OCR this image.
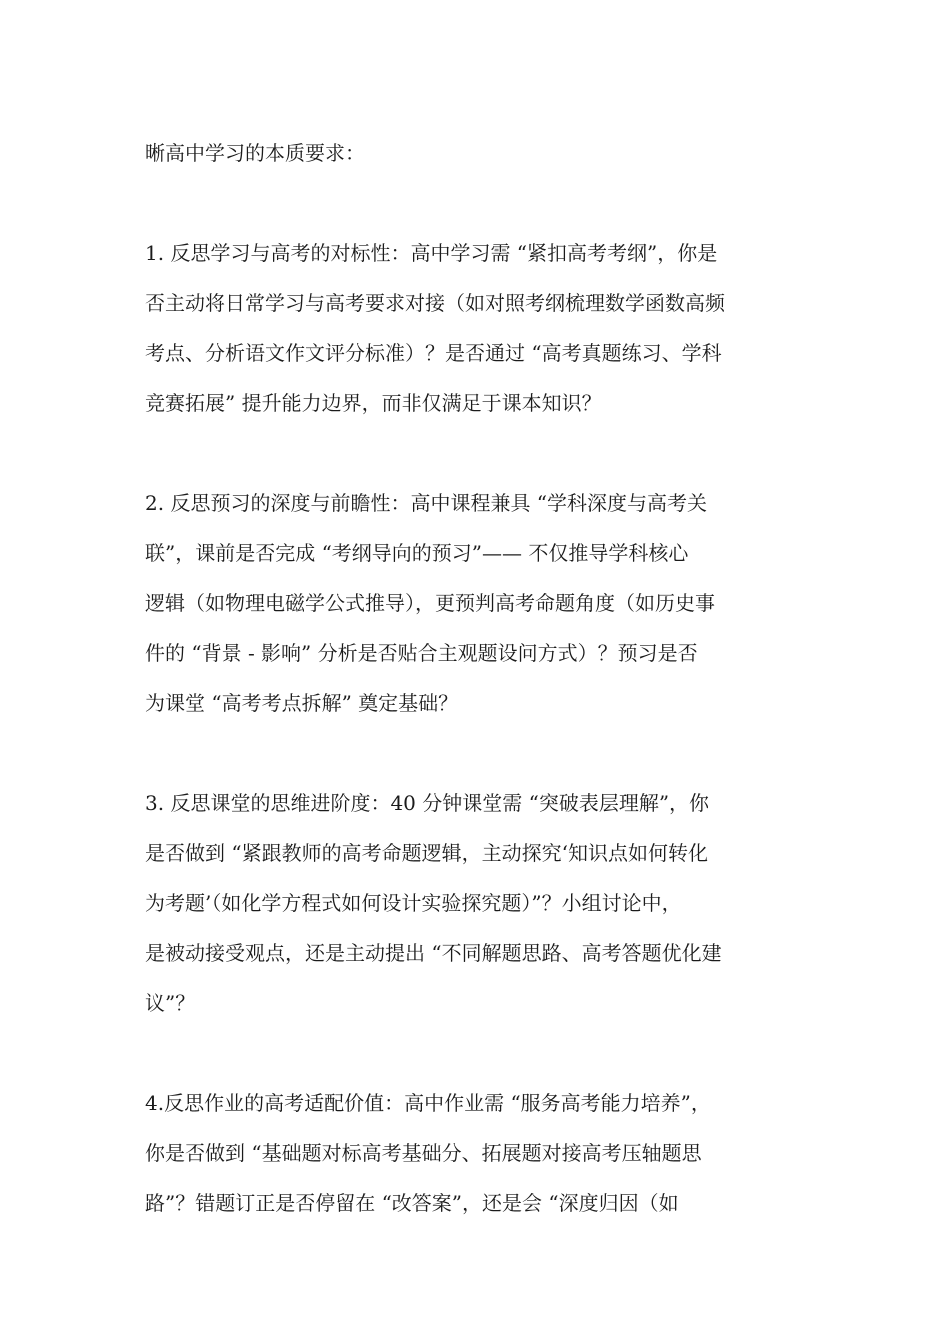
晰高中学习的本质要求：
1. 反思学习与高考的对标性：高中学习需 “紧扣高考考纲”，你是
否主动将日常学习与高考要求对接（如对照考纲梳理数学函数高频
考点、分析语文作文评分标准）？是否通过 “高考真题练习、学科
竞赛拓展” 提升能力边界，而非仅满足于课本知识？
2. 反思预习的深度与前瞻性：高中课程兼具 “学科深度与高考关
联”，课前是否完成 “考纲导向的预习”—— 不仅推导学科核心
逻辑（如物理电磁学公式推导），更预判高考命题角度（如历史事
件的 “背景 - 影响” 分析是否贴合主观题设问方式）？预习是否
为课堂 “高考考点拆解” 奠定基础？
3. 反思课堂的思维进阶度：40 分钟课堂需 “突破表层理解”，你
是否做到 “紧跟教师的高考命题逻辑，主动探究‘知识点如何转化
为考题’（如化学方程式如何设计实验探究题）”？小组讨论中，
是被动接受观点，还是主动提出 “不同解题思路、高考答题优化建
议”？
4.反思作业的高考适配价值：高中作业需 “服务高考能力培养”，
你是否做到 “基础题对标高考基础分、拓展题对接高考压轴题思
路”？错题订正是否停留在 “改答案”，还是会 “深度归因（如
